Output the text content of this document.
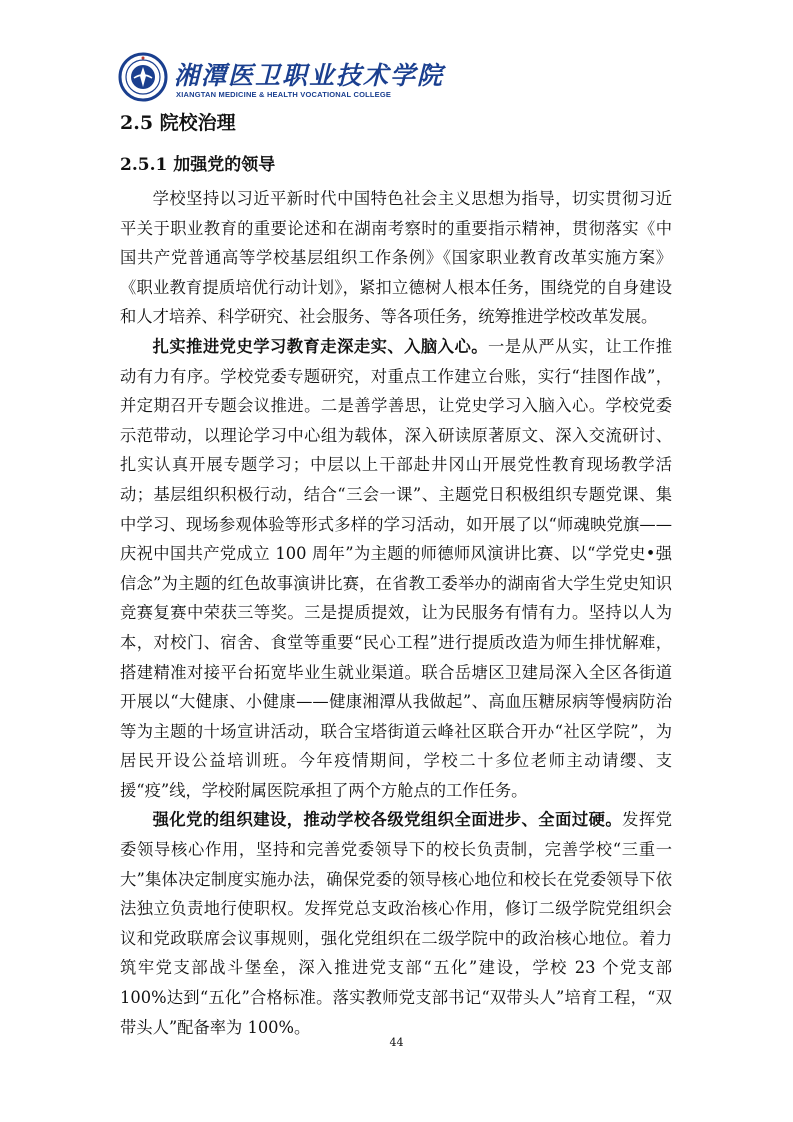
湘潭医卫职业技术学院
XIANGTAN MEDICINE & HEALTH VOCATIONAL COLLEGE
2.5 院校治理
2.5.1 加强党的领导

学校坚持以习近平新时代中国特色社会主义思想为指导，切实贯彻习近平关于职业教育的重要论述和在湖南考察时的重要指示精神，贯彻落实《中国共产党普通高等学校基层组织工作条例》《国家职业教育改革实施方案》《职业教育提质培优行动计划》，紧扣立德树人根本任务，围绕党的自身建设和人才培养、科学研究、社会服务、等各项任务，统筹推进学校改革发展。

扎实推进党史学习教育走深走实、入脑入心。一是从严从实，让工作推动有力有序。学校党委专题研究，对重点工作建立台账，实行“挂图作战”，并定期召开专题会议推进。二是善学善思，让党史学习入脑入心。学校党委示范带动，以理论学习中心组为载体，深入研读原著原文、深入交流研讨、扎实认真开展专题学习；中层以上干部赴井冈山开展党性教育现场教学活动；基层组织积极行动，结合“三会一课”、主题党日积极组织专题党课、集中学习、现场参观体验等形式多样的学习活动，如开展了以“师魂映党旗——庆祝中国共产党成立 100 周年”为主题的师德师风演讲比赛、以“学党史•强信念”为主题的红色故事演讲比赛，在省教工委举办的湖南省大学生党史知识竞赛复赛中荣获三等奖。三是提质提效，让为民服务有情有力。坚持以人为本，对校门、宿舍、食堂等重要“民心工程”进行提质改造为师生排忧解难，搭建精准对接平台拓宽毕业生就业渠道。联合岳塘区卫建局深入全区各街道开展以“大健康、小健康——健康湘潭从我做起”、高血压糖尿病等慢病防治等为主题的十场宣讲活动，联合宝塔街道云峰社区联合开办“社区学院”，为居民开设公益培训班。今年疫情期间，学校二十多位老师主动请缨、支援“疫”线，学校附属医院承担了两个方舱点的工作任务。

强化党的组织建设，推动学校各级党组织全面进步、全面过硬。发挥党委领导核心作用，坚持和完善党委领导下的校长负责制，完善学校“三重一大”集体决定制度实施办法，确保党委的领导核心地位和校长在党委领导下依法独立负责地行使职权。发挥党总支政治核心作用，修订二级学院党组织会议和党政联席会议事规则，强化党组织在二级学院中的政治核心地位。着力筑牢党支部战斗堡垒，深入推进党支部“五化”建设，学校 23 个党支部 100%达到“五化”合格标准。落实教师党支部书记“双带头人”培育工程，“双带头人”配备率为 100%。

44
